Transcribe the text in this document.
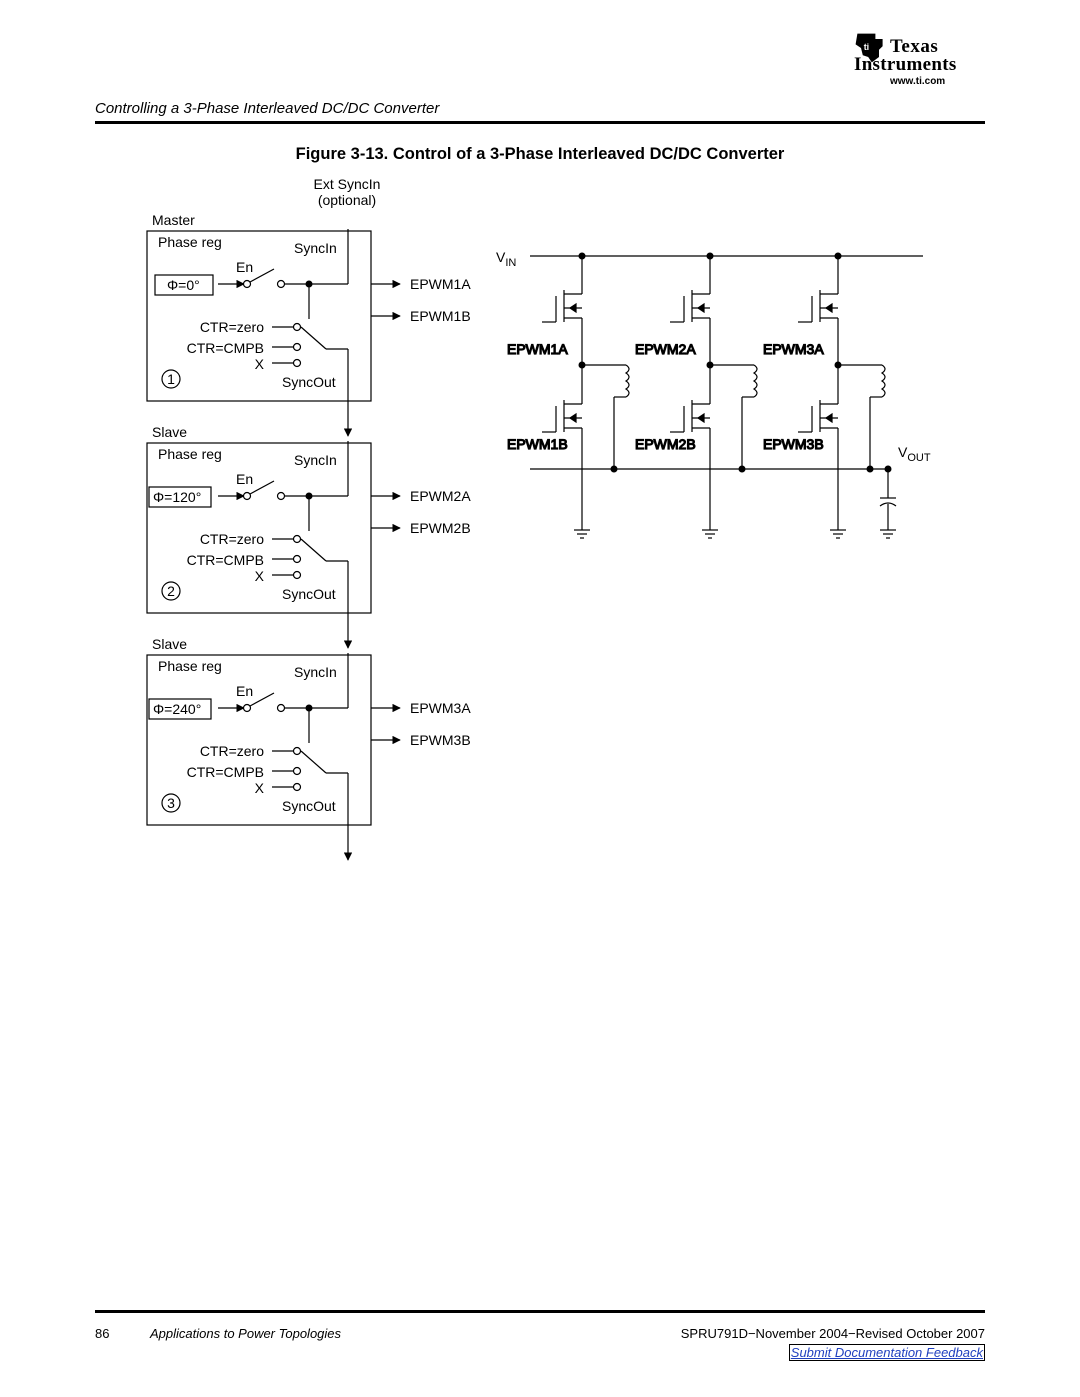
ti Texas
Instruments
www.ti.com
Controlling a 3-Phase Interleaved DC/DC Converter
Figure 3-13. Control of a 3-Phase Interleaved DC/DC Converter
Ext SyncIn
(optional)
Master
Phase reg	SyncIn
En
Φ=0°	EPWM1A
EPWM1B
CTR=zero
CTR=CMPB
X
1	SyncOut
Slave
Phase reg	SyncIn
En
Φ=120°	EPWM2A
EPWM2B
CTR=zero
CTR=CMPB
X
2	SyncOut
Slave
Phase reg	SyncIn
En
Φ=240°	EPWM3A
EPWM3B
CTR=zero
CTR=CMPB
X
3	SyncOut
EPWM1A
EPWM1B
EPWM2A
EPWM2B
EPWM3A
EPWM3B
$V_{IN}$
$V_{OUT}$
86	Applications to Power Topologies	SPRU791D−November 2004−Revised October 2007
Submit Documentation Feedback
